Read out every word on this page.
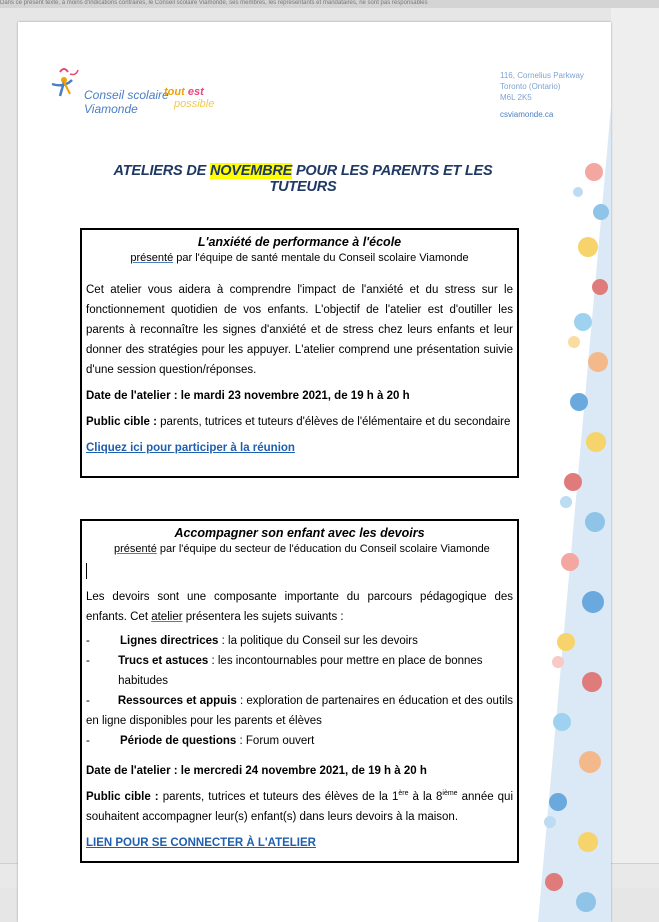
Dans ce présent texte, à moins d'indications contraires, le Conseil scolaire Viamonde, ses membres, les représentants et mandataires, ne sont pas responsables
Conseil scolaire
Viamonde
tout est
possible
116, Cornelius Parkway
Toronto (Ontario)
M6L 2K5
csviamonde.ca
ATELIERS DE NOVEMBRE POUR LES PARENTS ET LES TUTEURS
L'anxiété de performance à l'école
présenté par l'équipe de santé mentale du Conseil scolaire Viamonde
Cet atelier vous aidera à comprendre l'impact de l'anxiété et du stress sur le fonctionnement quotidien de vos enfants. L'objectif de l'atelier est d'outiller les parents à reconnaître les signes d'anxiété et de stress chez leurs enfants et leur donner des stratégies pour les appuyer. L'atelier comprend une présentation suivie d'une session question/réponses.
Date de l'atelier : le mardi 23 novembre 2021, de 19 h à 20 h
Public cible : parents, tutrices et tuteurs d'élèves de l'élémentaire et du secondaire
Cliquez ici pour participer à la réunion
Accompagner son enfant avec les devoirs
présenté par l'équipe du secteur de l'éducation du Conseil scolaire Viamonde
Les devoirs sont une composante importante du parcours pédagogique des enfants. Cet atelier présentera les sujets suivants :
-	Lignes directrices : la politique du Conseil sur les devoirs
-	Trucs et astuces : les incontournables pour mettre en place de bonnes habitudes
- Ressources et appuis : exploration de partenaires en éducation et des outils en ligne disponibles pour les parents et élèves
-	Période de questions : Forum ouvert
Date de l'atelier : le mercredi 24 novembre 2021, de 19 h à 20 h
Public cible : parents, tutrices et tuteurs des élèves de la 1ère à la 8ième année qui souhaitent accompagner leur(s) enfant(s) dans leurs devoirs à la maison.
LIEN POUR SE CONNECTER À L'ATELIER
